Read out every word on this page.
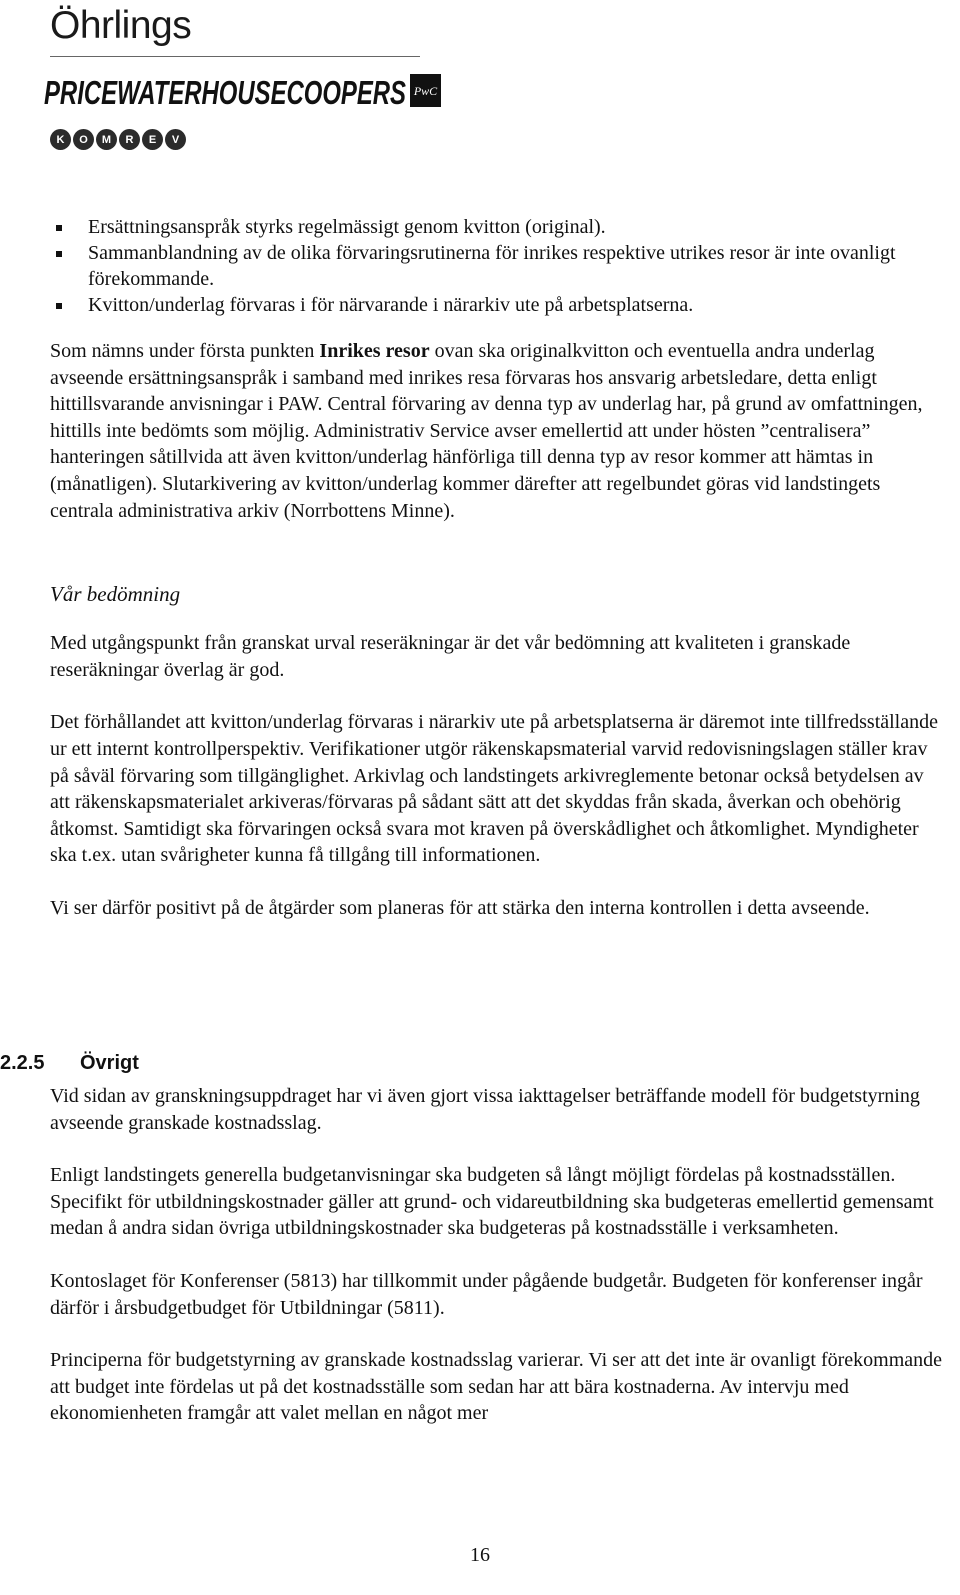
Öhrlings
PRICEWATERHOUSECOOPERS PwC
K	O	M	R	E	V
Ersättningsanspråk styrks regelmässigt genom kvitton (original).
Sammanblandning av de olika förvaringsrutinerna för inrikes respektive utrikes resor är inte ovanligt förekommande.
Kvitton/underlag förvaras i för närvarande i närarkiv ute på arbetsplatserna.

Som nämns under första punkten Inrikes resor ovan ska originalkvitton och eventuella andra underlag avseende ersättningsanspråk i samband med inrikes resa förvaras hos ansvarig arbetsledare, detta enligt hittillsvarande anvisningar i PAW. Central förvaring av denna typ av underlag har, på grund av omfattningen, hittills inte bedömts som möjlig. Administrativ Service avser emellertid att under hösten ”centralisera” hanteringen såtillvida att även kvitton/underlag hänförliga till denna typ av resor kommer att hämtas in (månatligen). Slutarkivering av kvitton/underlag kommer därefter att regelbundet göras vid landstingets centrala administrativa arkiv (Norrbottens Minne).

Vår bedömning

Med utgångspunkt från granskat urval reseräkningar är det vår bedömning att kvaliteten i granskade reseräkningar överlag är god.

Det förhållandet att kvitton/underlag förvaras i närarkiv ute på arbetsplatserna är däremot inte tillfredsställande ur ett internt kontrollperspektiv. Verifikationer utgör räkenskapsmaterial varvid redovisningslagen ställer krav på såväl förvaring som tillgänglighet. Arkivlag och landstingets arkivreglemente betonar också betydelsen av att räkenskapsmaterialet arkiveras/förvaras på sådant sätt att det skyddas från skada, åverkan och obehörig åtkomst. Samtidigt ska förvaringen också svara mot kraven på överskådlighet och åtkomlighet. Myndigheter ska t.ex. utan svårigheter kunna få tillgång till informationen.

Vi ser därför positivt på de åtgärder som planeras för att stärka den interna kontrollen i detta avseende.

2.2.5 Övrigt

Vid sidan av granskningsuppdraget har vi även gjort vissa iakttagelser beträffande modell för budgetstyrning avseende granskade kostnadsslag.

Enligt landstingets generella budgetanvisningar ska budgeten så långt möjligt fördelas på kostnadsställen. Specifikt för utbildningskostnader gäller att grund- och vidareutbildning ska budgeteras emellertid gemensamt medan å andra sidan övriga utbildningskostnader ska budgeteras på kostnadsställe i verksamheten.

Kontoslaget för Konferenser (5813) har tillkommit under pågående budgetår. Budgeten för konferenser ingår därför i årsbudgetbudget för Utbildningar (5811).

Principerna för budgetstyrning av granskade kostnadsslag varierar. Vi ser att det inte är ovanligt förekommande att budget inte fördelas ut på det kostnadsställe som sedan har att bära kostnaderna. Av intervju med ekonomienheten framgår att valet mellan en något mer

16
